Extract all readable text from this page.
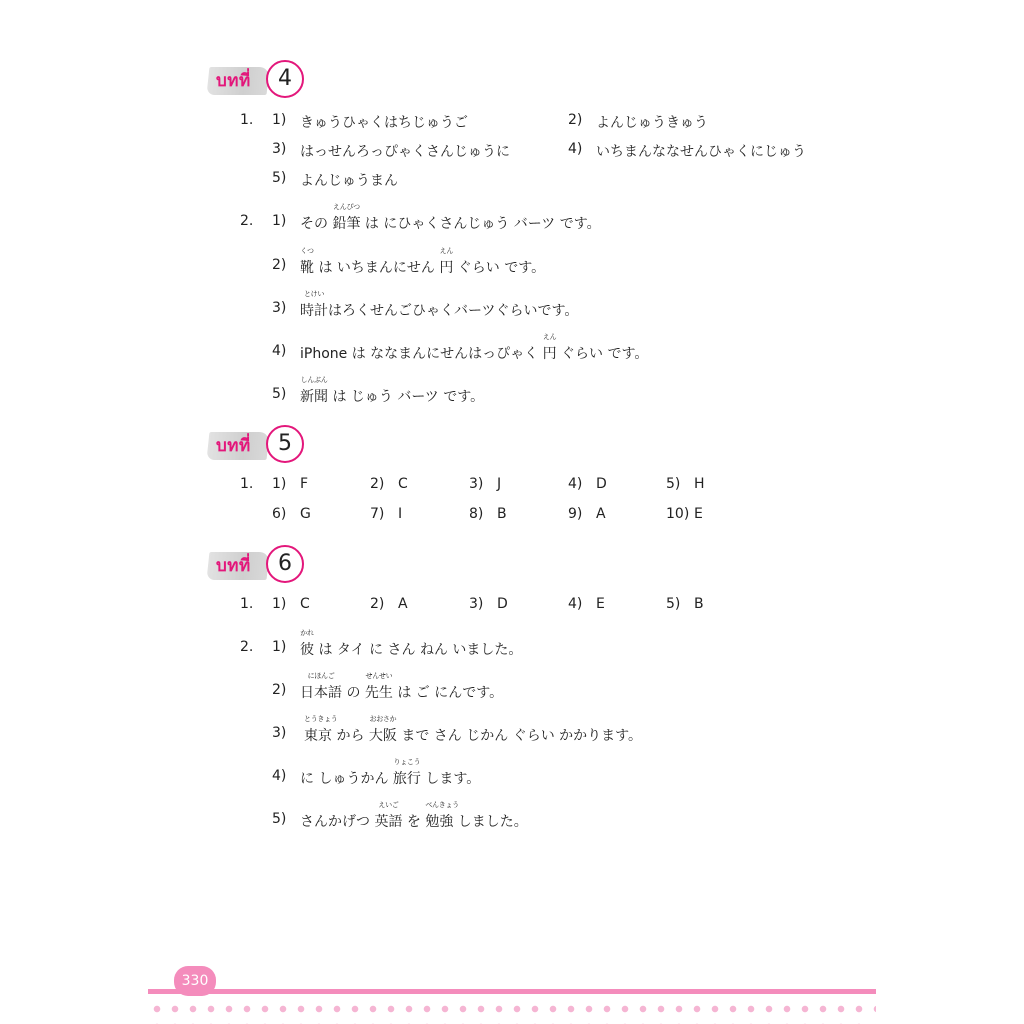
บทที่	4
1. 1) きゅうひゃくはちじゅうご	2) よんじゅうきゅう
3) はっせんろっぴゃくさんじゅうに	4) いちまんななせんひゃくにじゅう
5) よんじゅうまん
2. 1) その
えんぴつ
鉛筆 は にひゃくさんじゅう バーツ です。
2)
くつ
靴 は いちまんにせん
えん
円 ぐらい です。
3)
とけい
時計はろくせんごひゃくバーツぐらいです。
4) iPhone は ななまんにせんはっぴゃく
えん
円 ぐらい です。
5)
しんぶん
新聞 は じゅう バーツ です。
บทที่	5
1. 1) F	2) C	3) J	4) D	5) H
6) G	7) I	8) B	9) A	10) E
บทที่	6
1. 1) C	2) A	3) D	4) E	5) B
2. 1)
かれ
彼 は タイ に さん ねん いました。
2)
にほんご
日本語 の
せんせい
先生 は ご にんです。
3)
とうきょう
東京 から
おおさか
大阪 まで さん じかん ぐらい かかります。
4) に しゅうかん
りょこう
旅行 します。
5) さんかげつ
えいご
英語 を
べんきょう
勉強 しました。
330
